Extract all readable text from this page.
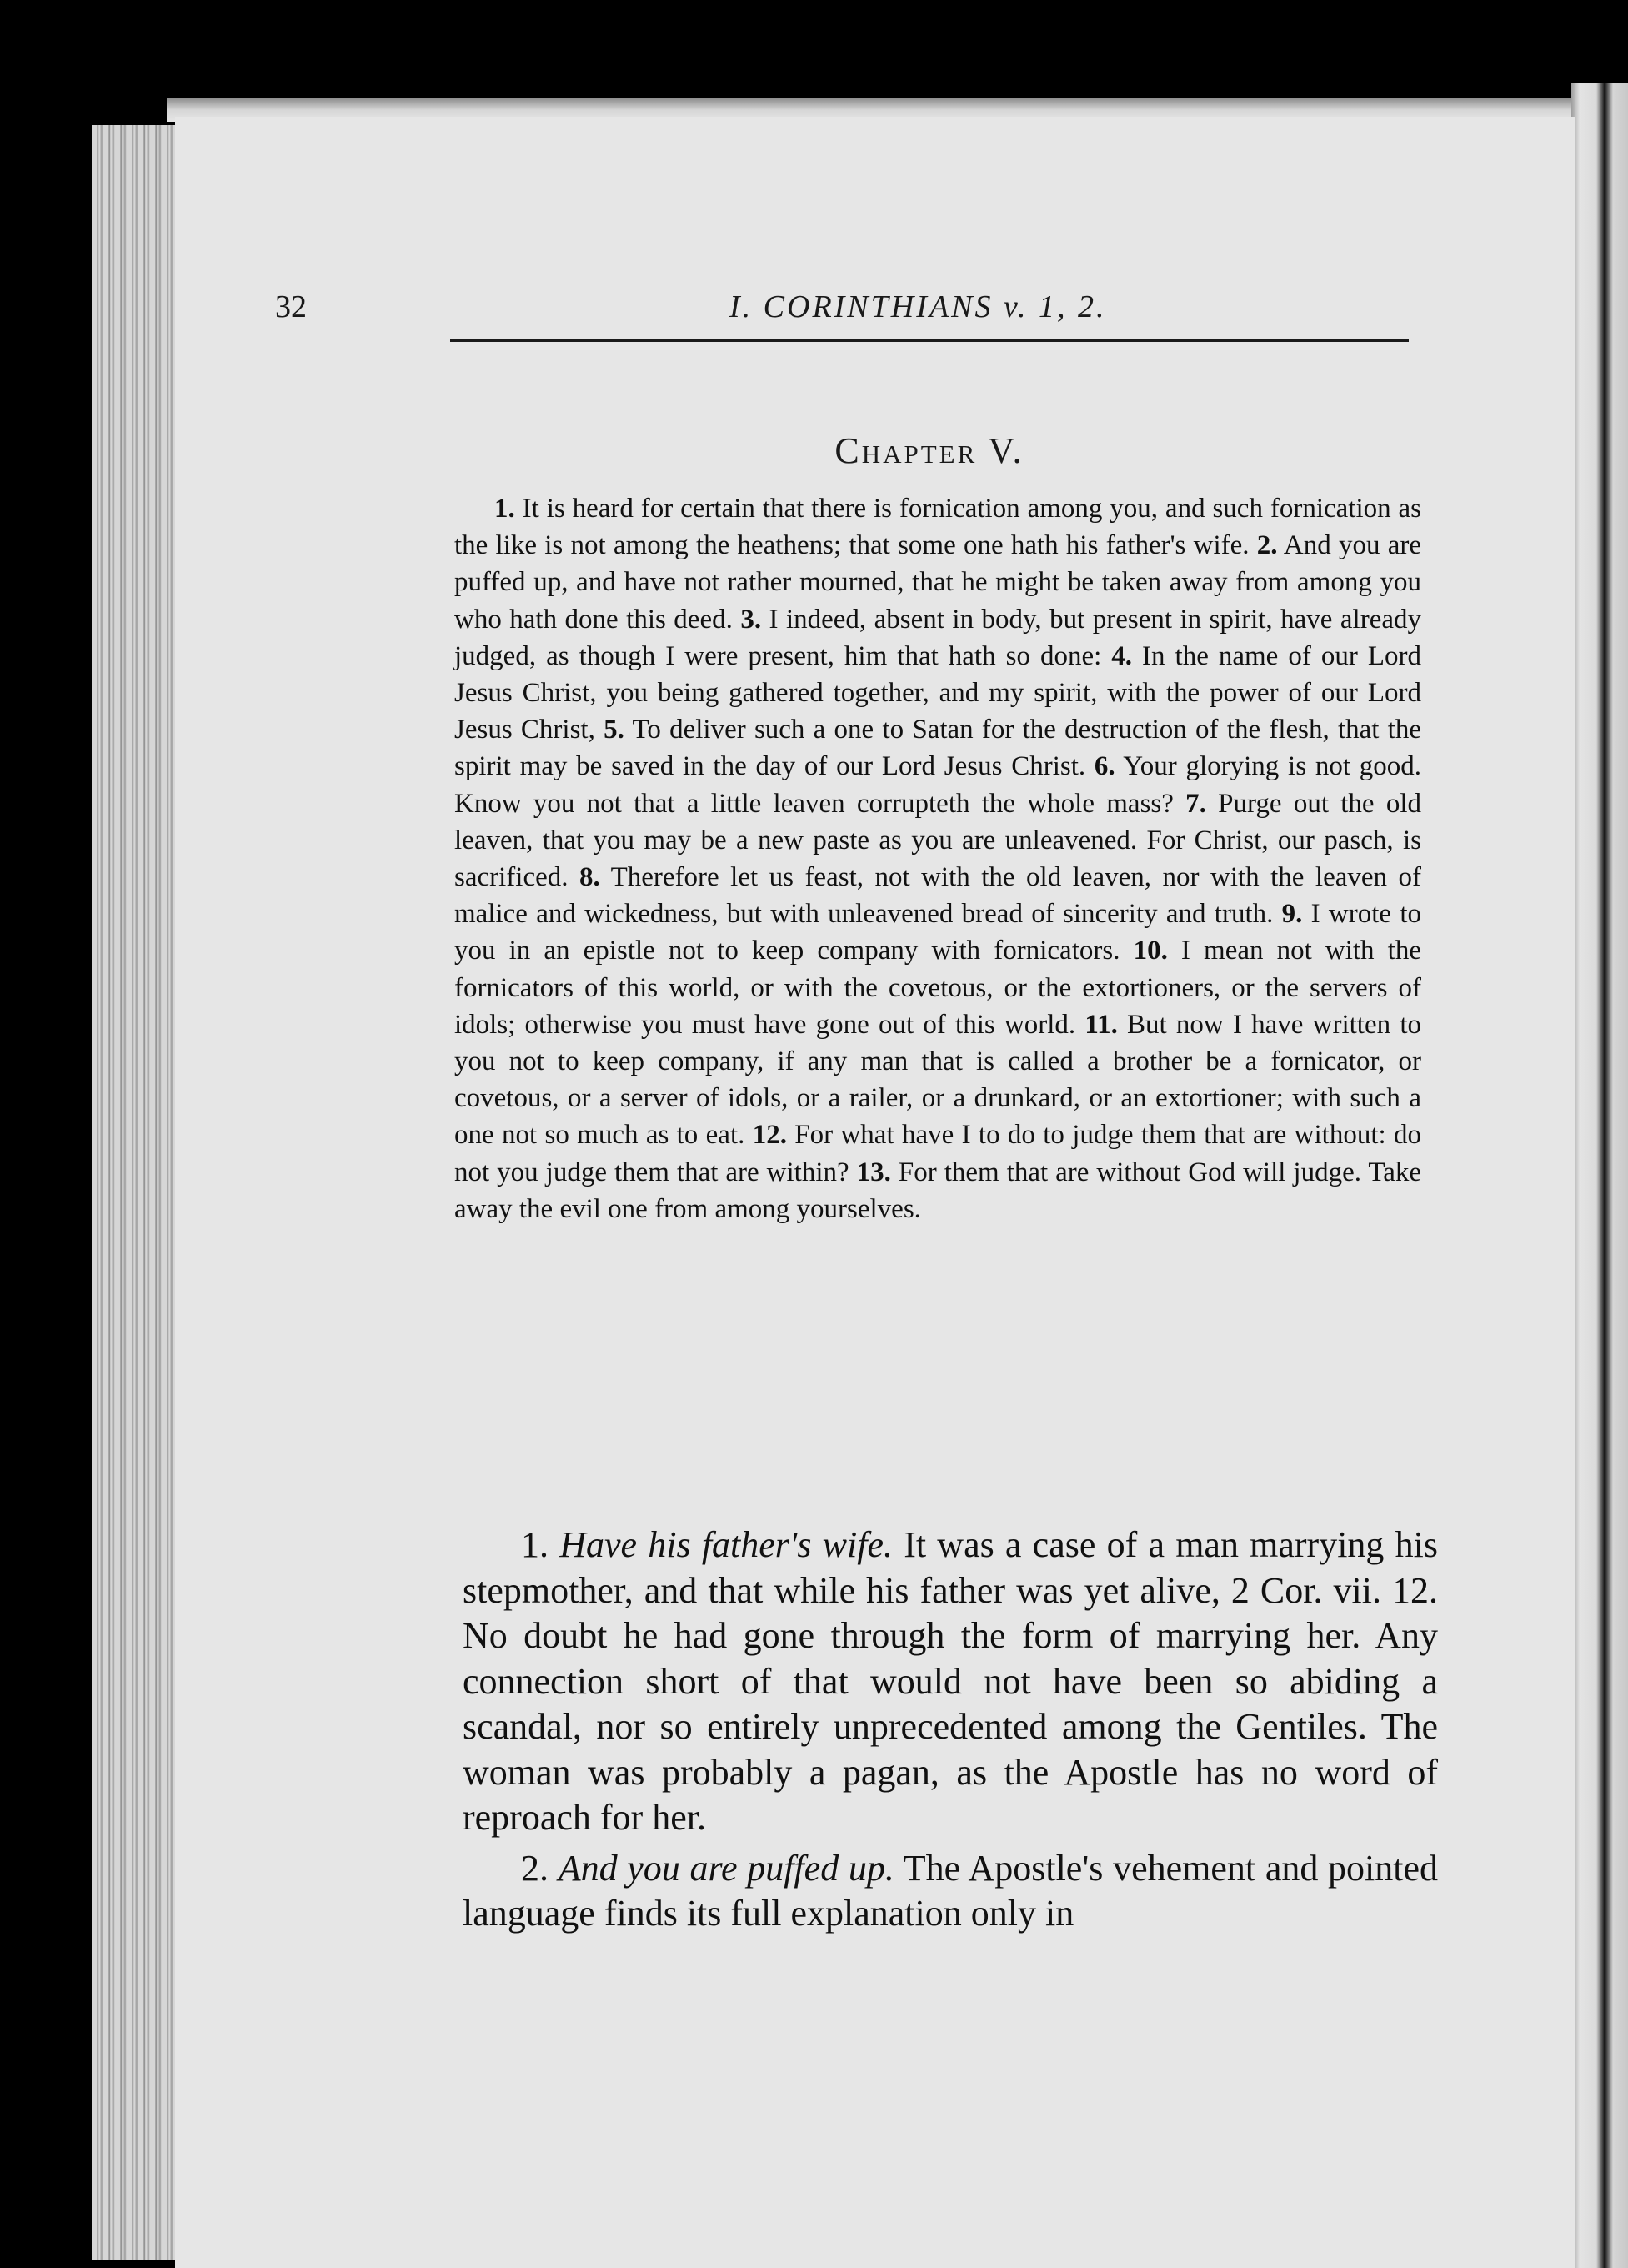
32	I. CORINTHIANS v. 1, 2.
Chapter V.

1. It is heard for certain that there is fornication among you, and such fornication as the like is not among the heathens; that some one hath his father's wife. 2. And you are puffed up, and have not rather mourned, that he might be taken away from among you who hath done this deed. 3. I indeed, absent in body, but present in spirit, have already judged, as though I were present, him that hath so done: 4. In the name of our Lord Jesus Christ, you being gathered together, and my spirit, with the power of our Lord Jesus Christ, 5. To deliver such a one to Satan for the destruction of the flesh, that the spirit may be saved in the day of our Lord Jesus Christ. 6. Your glorying is not good. Know you not that a little leaven corrupteth the whole mass? 7. Purge out the old leaven, that you may be a new paste as you are unleavened. For Christ, our pasch, is sacrificed. 8. Therefore let us feast, not with the old leaven, nor with the leaven of malice and wickedness, but with unleavened bread of sincerity and truth. 9. I wrote to you in an epistle not to keep company with fornicators. 10. I mean not with the fornicators of this world, or with the covetous, or the extortioners, or the servers of idols; otherwise you must have gone out of this world. 11. But now I have written to you not to keep company, if any man that is called a brother be a fornicator, or covetous, or a server of idols, or a railer, or a drunkard, or an extortioner; with such a one not so much as to eat. 12. For what have I to do to judge them that are without: do not you judge them that are within? 13. For them that are without God will judge. Take away the evil one from among yourselves.

1. Have his father's wife. It was a case of a man marrying his stepmother, and that while his father was yet alive, 2 Cor. vii. 12. No doubt he had gone through the form of marrying her. Any connection short of that would not have been so abiding a scandal, nor so entirely unprecedented among the Gentiles. The woman was probably a pagan, as the Apostle has no word of reproach for her.

2. And you are puffed up. The Apostle's vehement and pointed language finds its full explanation only in
